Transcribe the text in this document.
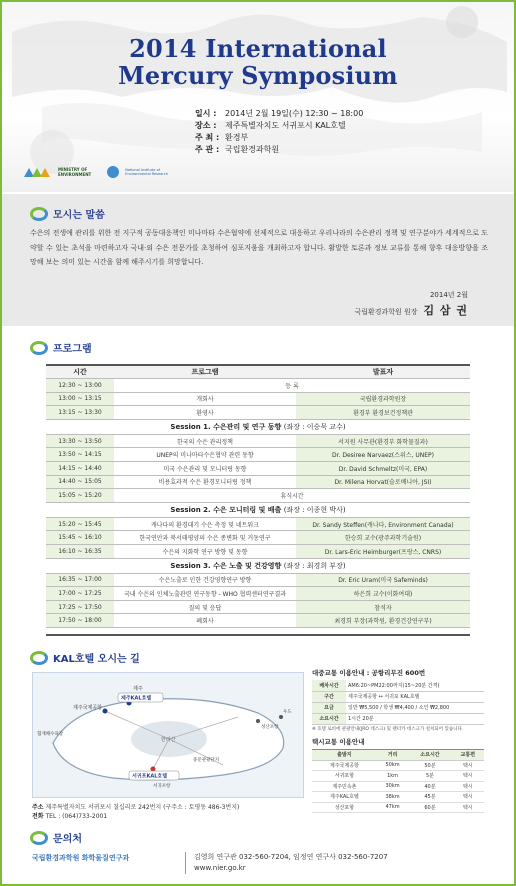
2014 International
Mercury Symposium
일시 :	2014년 2월 19일(수) 12:30 ~ 18:00
장소 :	제주특별자치도 서귀포시 KAL호텔
주 최 : 환경부
주 관 : 국립환경과학원
MINISTRY OF
ENVIRONMENT
National Institute of
Environmental Research
모시는 말씀
수은의 전생애 관리를 위한 전 지구적 공동대응책인 미나마타 수은협약에 선제적으로 대응하고 우리나라의 수은관리 정책 및 연구분야가 세계적으로 도약할 수 있는 초석을 마련하고자 국내·외 수은 전문가를 초청하여 심포지움을 개최하고자 합니다. 활발한 토론과 정보 교류를 통해 향후 대응방향을 조망해 보는 의미 있는 시간을 함께 해주시기를 희망합니다.
2014년 2월
국립환경과학원 원장 김 삼 권
프로그램
시간	프로그램	발표자
12:30 ~ 13:00	등 록	
13:00 ~ 13:15	개회사	국립환경과학원장
13:15 ~ 13:30	환영사	환경부 환경보건정책관
Session 1. 수은관리 및 연구 동향 (좌장 : 이승묵 교수)		
13:30 ~ 13:50	한국의 수은 관리정책	서지원 사무관(환경부 화학물질과)
13:50 ~ 14:15	UNEP의 미나마타수은협약 관련 동향	Dr. Desiree Narvaez(스위스, UNEP)
14:15 ~ 14:40	미국 수은관리 및 모니터링 동향	Dr. David Schmeltz(미국, EPA)
14:40 ~ 15:05	비용효과적 수은 환경모니터링 정책	Dr. Milena Horvat(슬로베니아, JSI)
15:05 ~ 15:20	휴식시간	
Session 2. 수은 모니터링 및 배출 (좌장 : 이종현 박사)		
15:20 ~ 15:45	캐나다의 환경대기 수은 측정 및 네트워크	Dr. Sandy Steffen(캐나다, Environment Canada)
15:45 ~ 16:10	한국연안과 북서태평양의 수은 종변화 및 거동연구	한승희 교수(광주과학기술원)
16:10 ~ 16:35	수은의 지화학 연구 방향 및 동향	Dr. Lars-Eric Heimburger(프랑스, CNRS)
Session 3. 수은 노출 및 건강영향 (좌장 : 최경희 부장)		
16:35 ~ 17:00	수은노출로 인한 건강영향연구 방향	Dr. Eric Uram(미국 Safeminds)
17:00 ~ 17:25	국내 수은의 인체노출관련 연구동향 - WHO 협력센터연구결과	하은희 교수(이화여대)
17:25 ~ 17:50	질의 및 응답	참석자
17:50 ~ 18:00	폐회사	최경희 부장(과학원, 환경건강연구부)
KAL호텔 오시는 길
제주국제공항
제주KAL호텔
제주
한라산
서귀포KAL호텔
서귀포항
성산포항
우도
협재해수욕장
중문관광단지
주소 제주특별자치도 서귀포시 칠십리로 242번지 (구주소 : 토평동 486-3번지)
전화 TEL : (064)733-2001
대중교통 이용안내 : 공항리무진 600번
배차시간	AM6:20~PM22:00까지(15~20분 간격)
구간	제주국제공항 ↔ 서귀포 KAL호텔
요금	일반 ₩5,500 / 학생 ₩4,400 / 소인 ₩2,800
소요시간	1시간 20분
※ 호텔 로비에 관광안내(JRO 데스크) 및 렌터카 데스크가 설치되어 있습니다.
택시교통 이용안내
출발지	거리	소요시간	교통편
제주국제공항	50km	50분	택시
서귀포항	1km	5분	택시
제주민속촌	30km	40분	택시
제주KAL호텔	38km	45분	택시
성산포항	47km	60분	택시
문의처
국립환경과학원 화학물질연구과	김영희 연구관 032-560-7204, 임정연 연구사 032-560-7207
www.nier.go.kr
